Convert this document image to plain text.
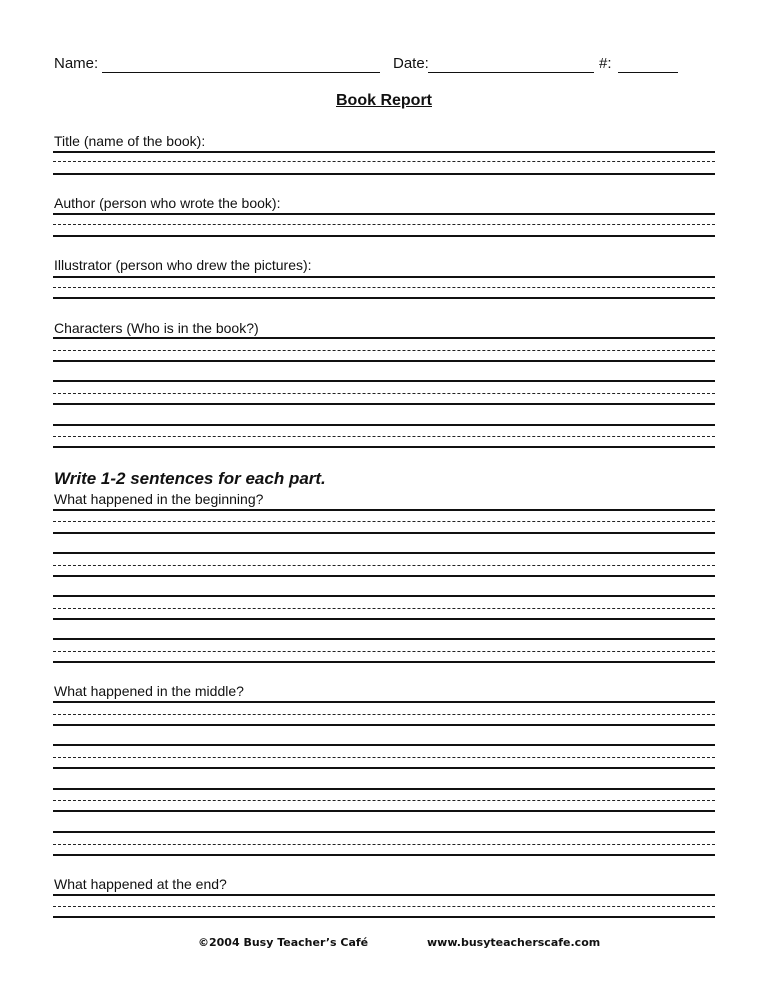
Name:	Date:	#:
Book Report
Title (name of the book):
Author (person who wrote the book):
Illustrator (person who drew the pictures):
Characters (Who is in the book?)
Write 1-2 sentences for each part.
What happened in the beginning?
What happened in the middle?
What happened at the end?
©2004 Busy Teacher’s Café	www.busyteacherscafe.com
